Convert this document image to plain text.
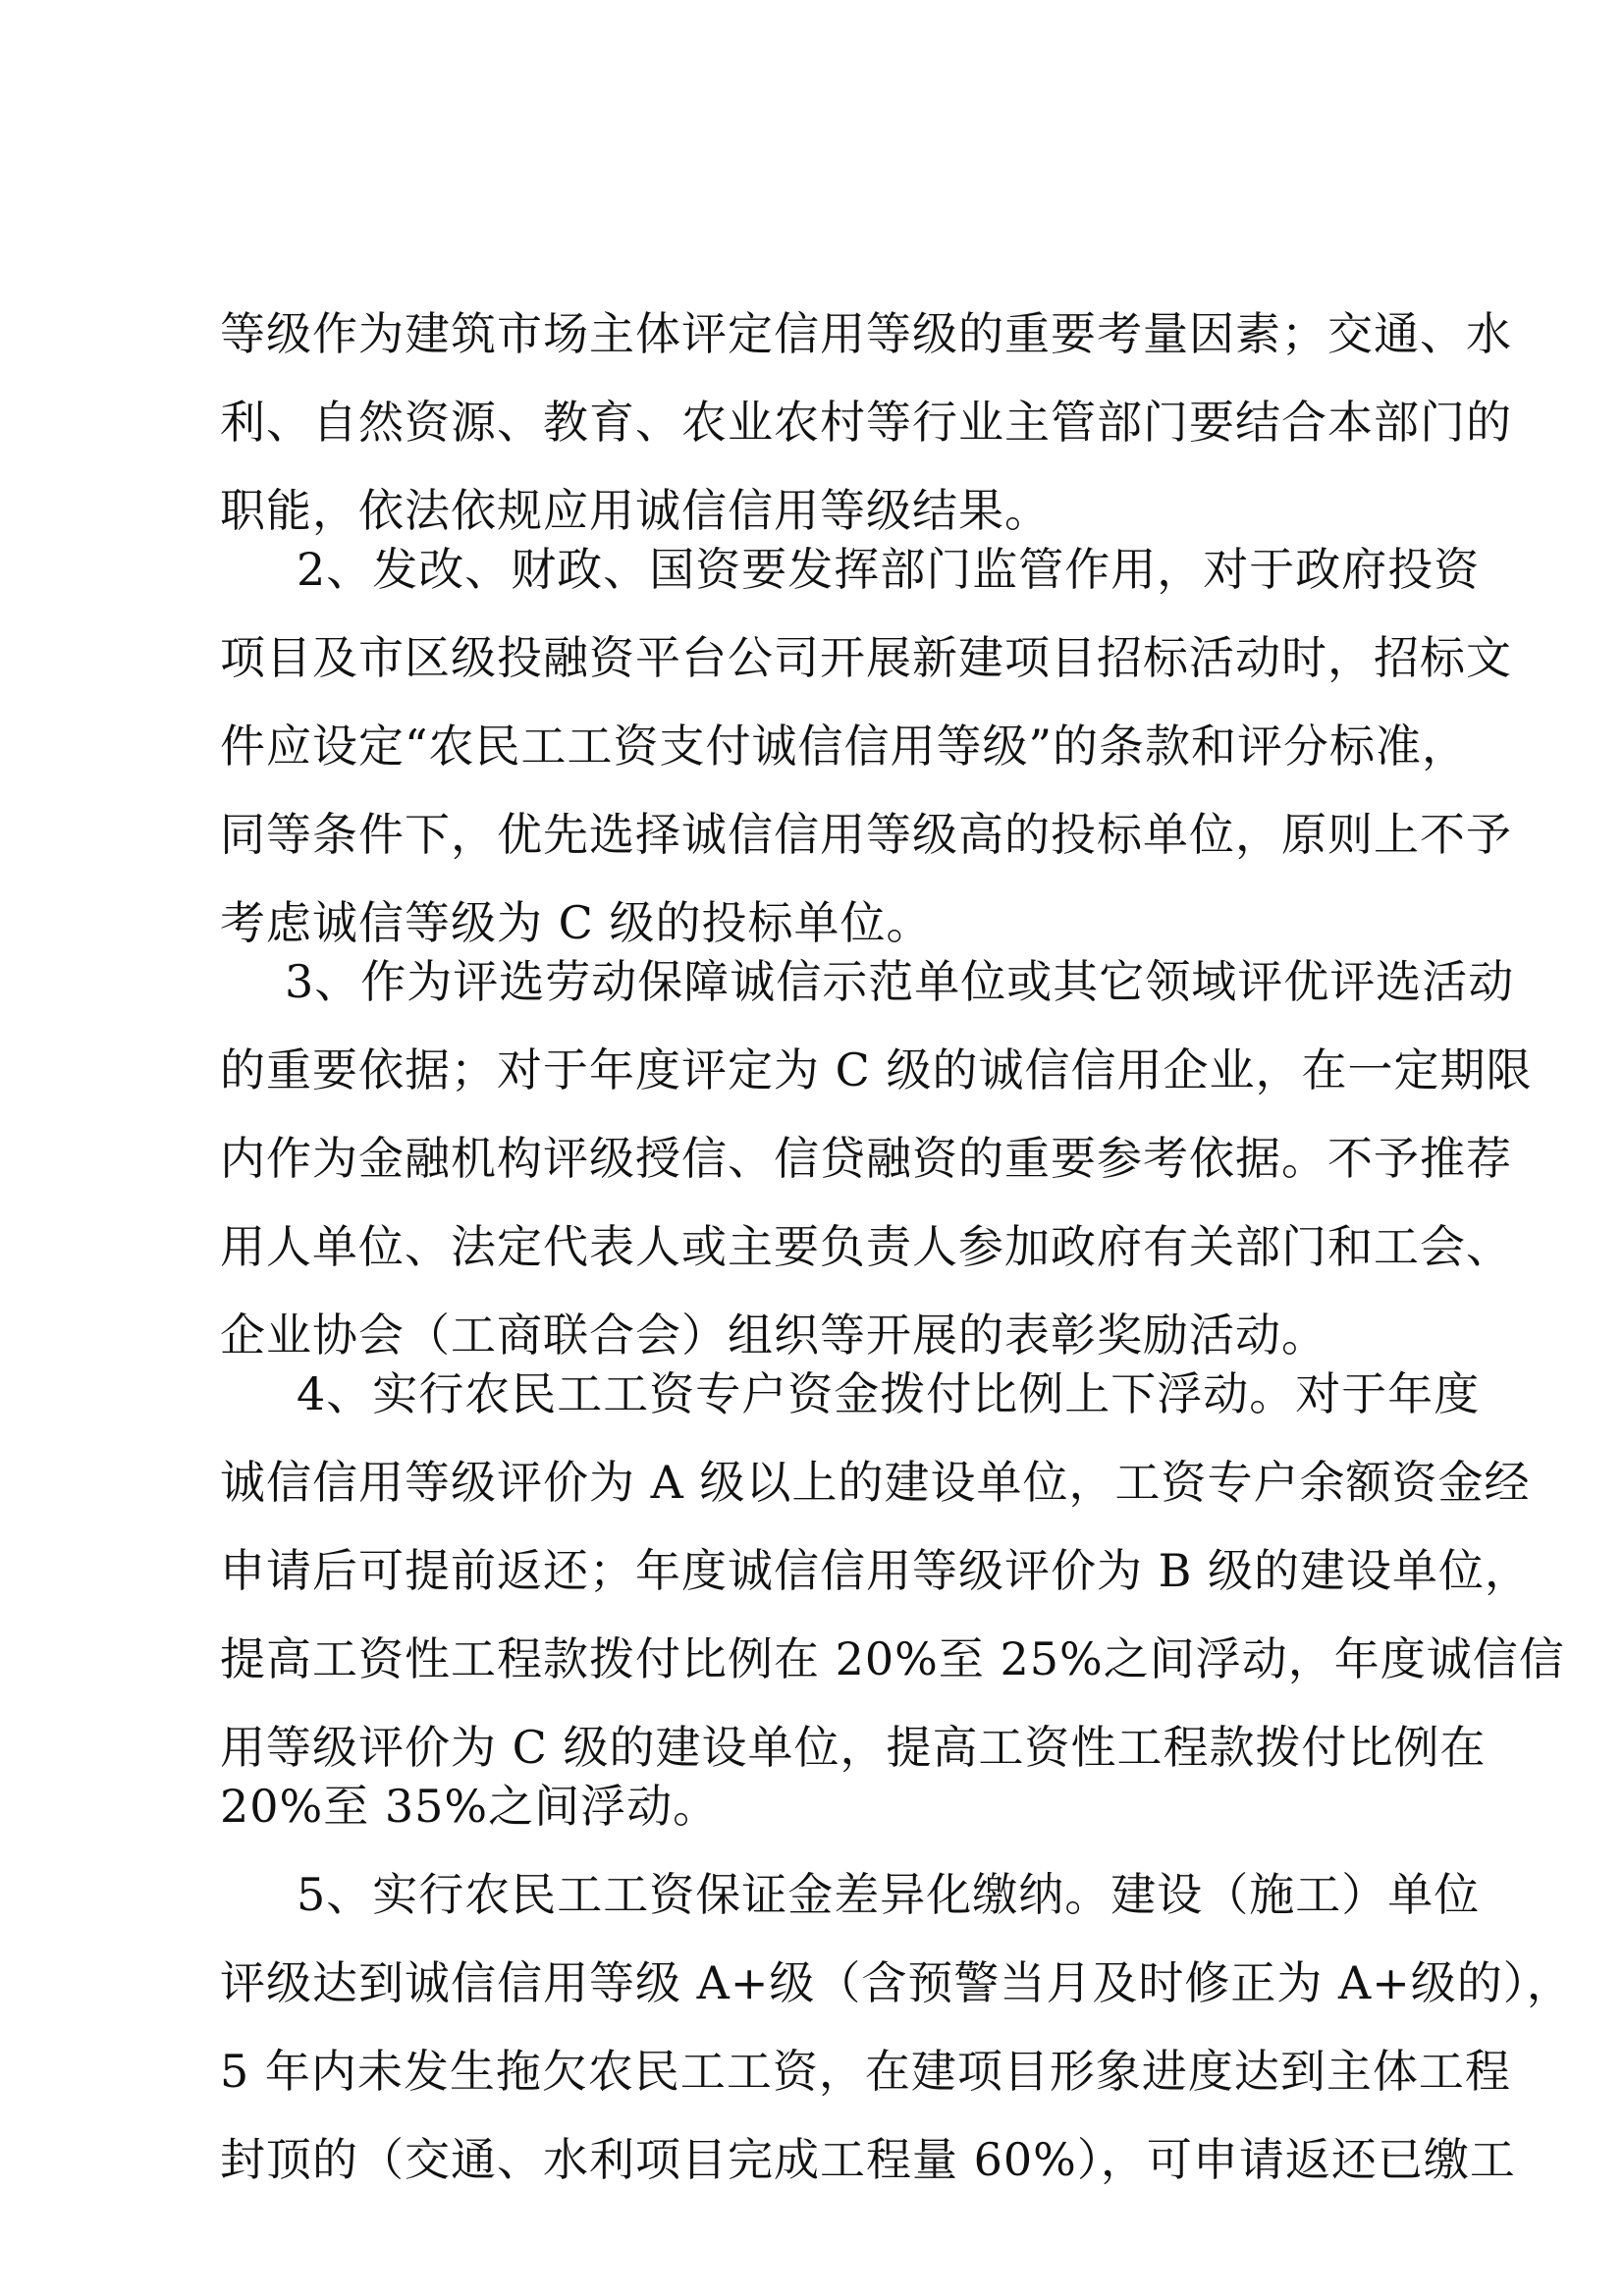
等级作为建筑市场主体评定信用等级的重要考量因素；交通、水
利、自然资源、教育、农业农村等行业主管部门要结合本部门的
职能，依法依规应用诚信信用等级结果。
2、发改、财政、国资要发挥部门监管作用，对于政府投资
项目及市区级投融资平台公司开展新建项目招标活动时，招标文
件应设定“农民工工资支付诚信信用等级”的条款和评分标准，
同等条件下，优先选择诚信信用等级高的投标单位，原则上不予
考虑诚信等级为 C 级的投标单位。
3、作为评选劳动保障诚信示范单位或其它领域评优评选活动
的重要依据；对于年度评定为 C 级的诚信信用企业，在一定期限
内作为金融机构评级授信、信贷融资的重要参考依据。不予推荐
用人单位、法定代表人或主要负责人参加政府有关部门和工会、
企业协会（工商联合会）组织等开展的表彰奖励活动。
4、实行农民工工资专户资金拨付比例上下浮动。对于年度
诚信信用等级评价为 A 级以上的建设单位，工资专户余额资金经
申请后可提前返还；年度诚信信用等级评价为 B 级的建设单位，
提高工资性工程款拨付比例在 20%至 25%之间浮动，年度诚信信
用等级评价为 C 级的建设单位，提高工资性工程款拨付比例在
20%至 35%之间浮动。
5、实行农民工工资保证金差异化缴纳。建设（施工）单位
评级达到诚信信用等级 A+级（含预警当月及时修正为 A+级的），
5 年内未发生拖欠农民工工资，在建项目形象进度达到主体工程
封顶的（交通、水利项目完成工程量 60%），可申请返还已缴工
